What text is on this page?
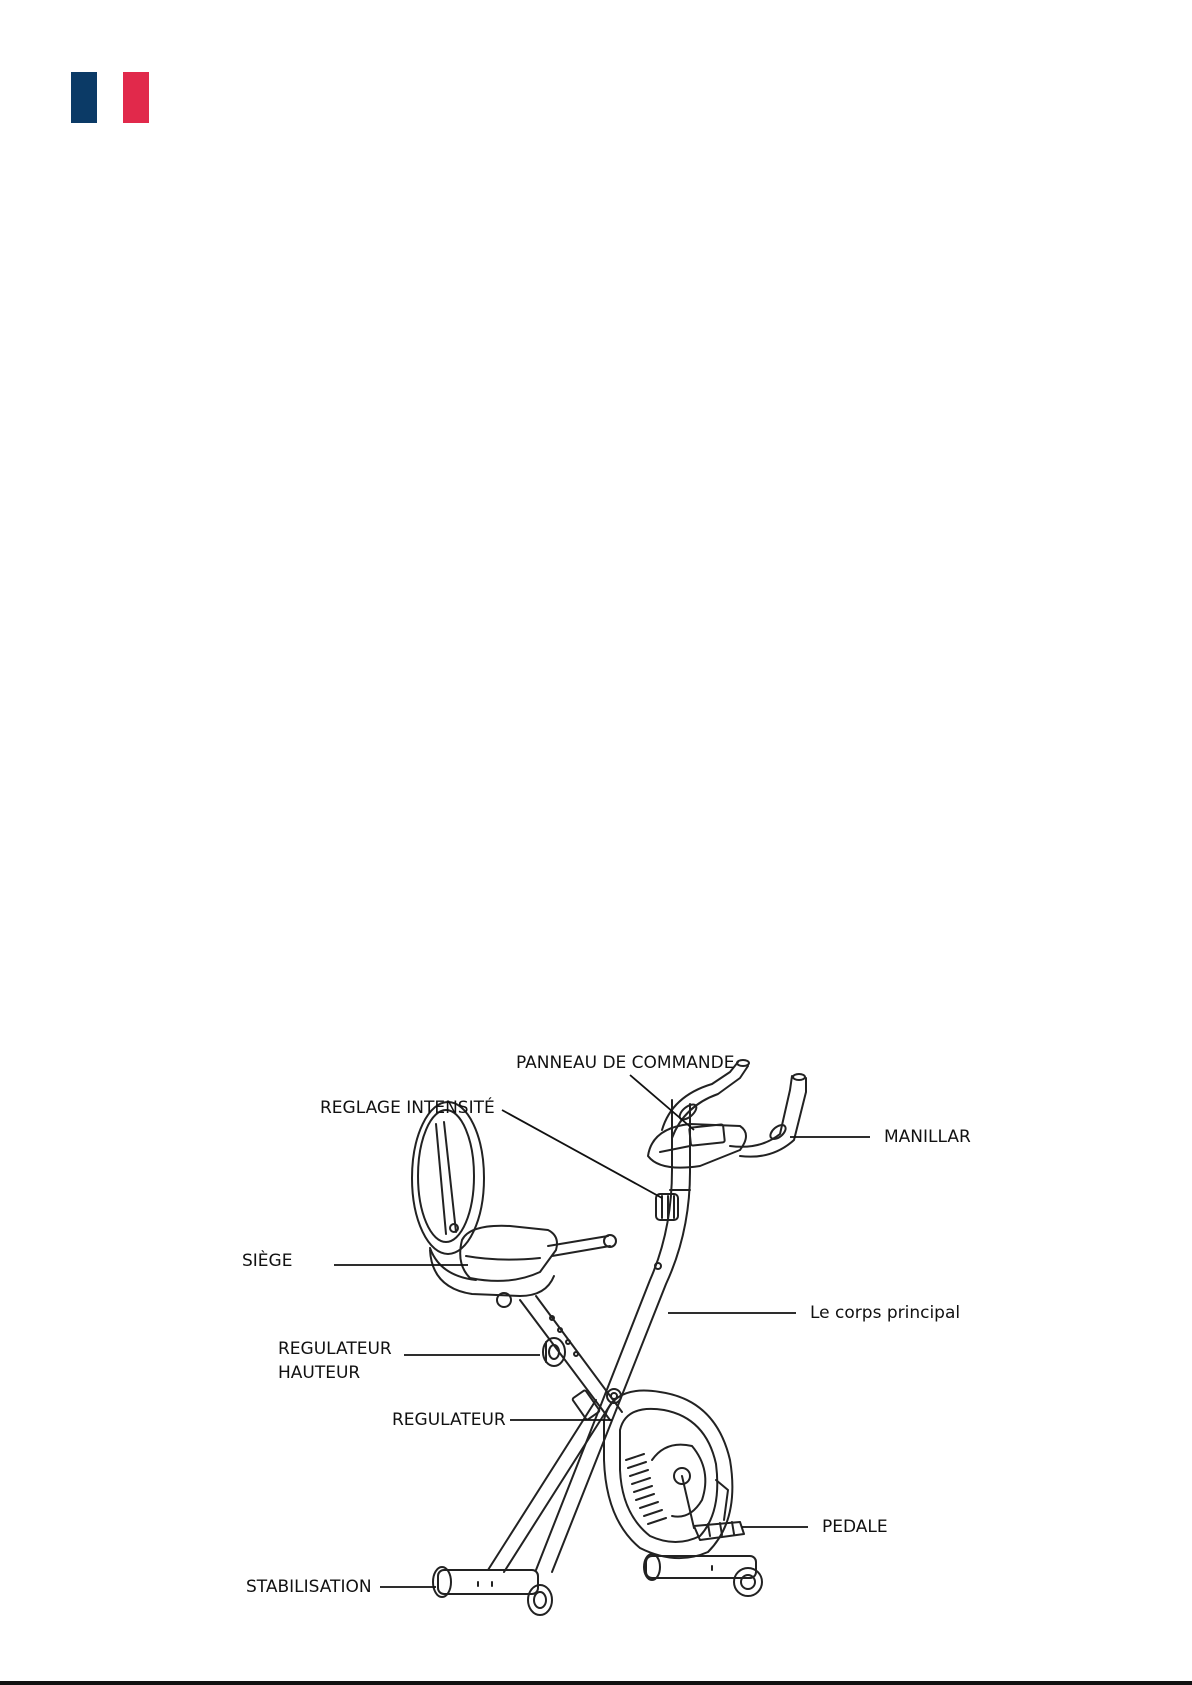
PANNEAU DE COMMANDE
REGLAGE INTENSITÉ
MANILLAR
SIÈGE
Le corps principal
REGULATEUR
HAUTEUR
REGULATEUR
PEDALE
STABILISATION
